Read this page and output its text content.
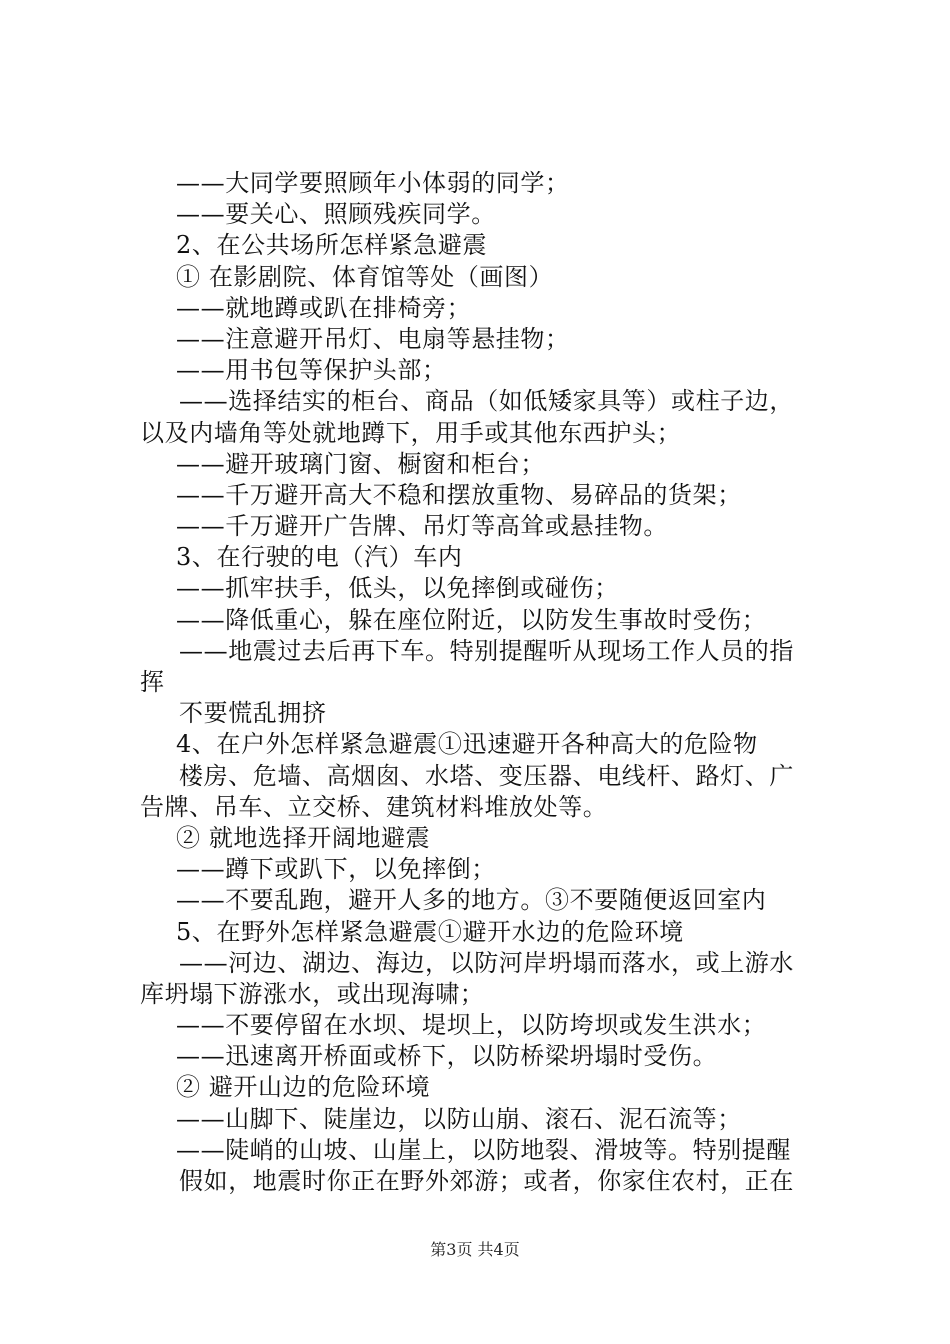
——大同学要照顾年小体弱的同学；
——要关心、照顾残疾同学。
2、在公共场所怎样紧急避震
① 在影剧院、体育馆等处（画图）
——就地蹲或趴在排椅旁；
——注意避开吊灯、电扇等悬挂物；
——用书包等保护头部；
——选择结实的柜台、商品（如低矮家具等）或柱子边，
以及内墙角等处就地蹲下，用手或其他东西护头；
——避开玻璃门窗、橱窗和柜台；
——千万避开高大不稳和摆放重物、易碎品的货架；
——千万避开广告牌、吊灯等高耸或悬挂物。
3、在行驶的电（汽）车内
——抓牢扶手，低头，以免摔倒或碰伤；
——降低重心，躲在座位附近，以防发生事故时受伤；
——地震过去后再下车。特别提醒听从现场工作人员的指
挥
不要慌乱拥挤
4、在户外怎样紧急避震①迅速避开各种高大的危险物
楼房、危墙、高烟囱、水塔、变压器、电线杆、路灯、广
告牌、吊车、立交桥、建筑材料堆放处等。
② 就地选择开阔地避震
——蹲下或趴下，以免摔倒；
——不要乱跑，避开人多的地方。③不要随便返回室内
5、在野外怎样紧急避震①避开水边的危险环境
——河边、湖边、海边，以防河岸坍塌而落水，或上游水
库坍塌下游涨水，或出现海啸；
——不要停留在水坝、堤坝上，以防垮坝或发生洪水；
——迅速离开桥面或桥下，以防桥梁坍塌时受伤。
② 避开山边的危险环境
——山脚下、陡崖边，以防山崩、滚石、泥石流等；
——陡峭的山坡、山崖上，以防地裂、滑坡等。特别提醒
假如，地震时你正在野外郊游；或者，你家住农村，正在
第3页 共4页
